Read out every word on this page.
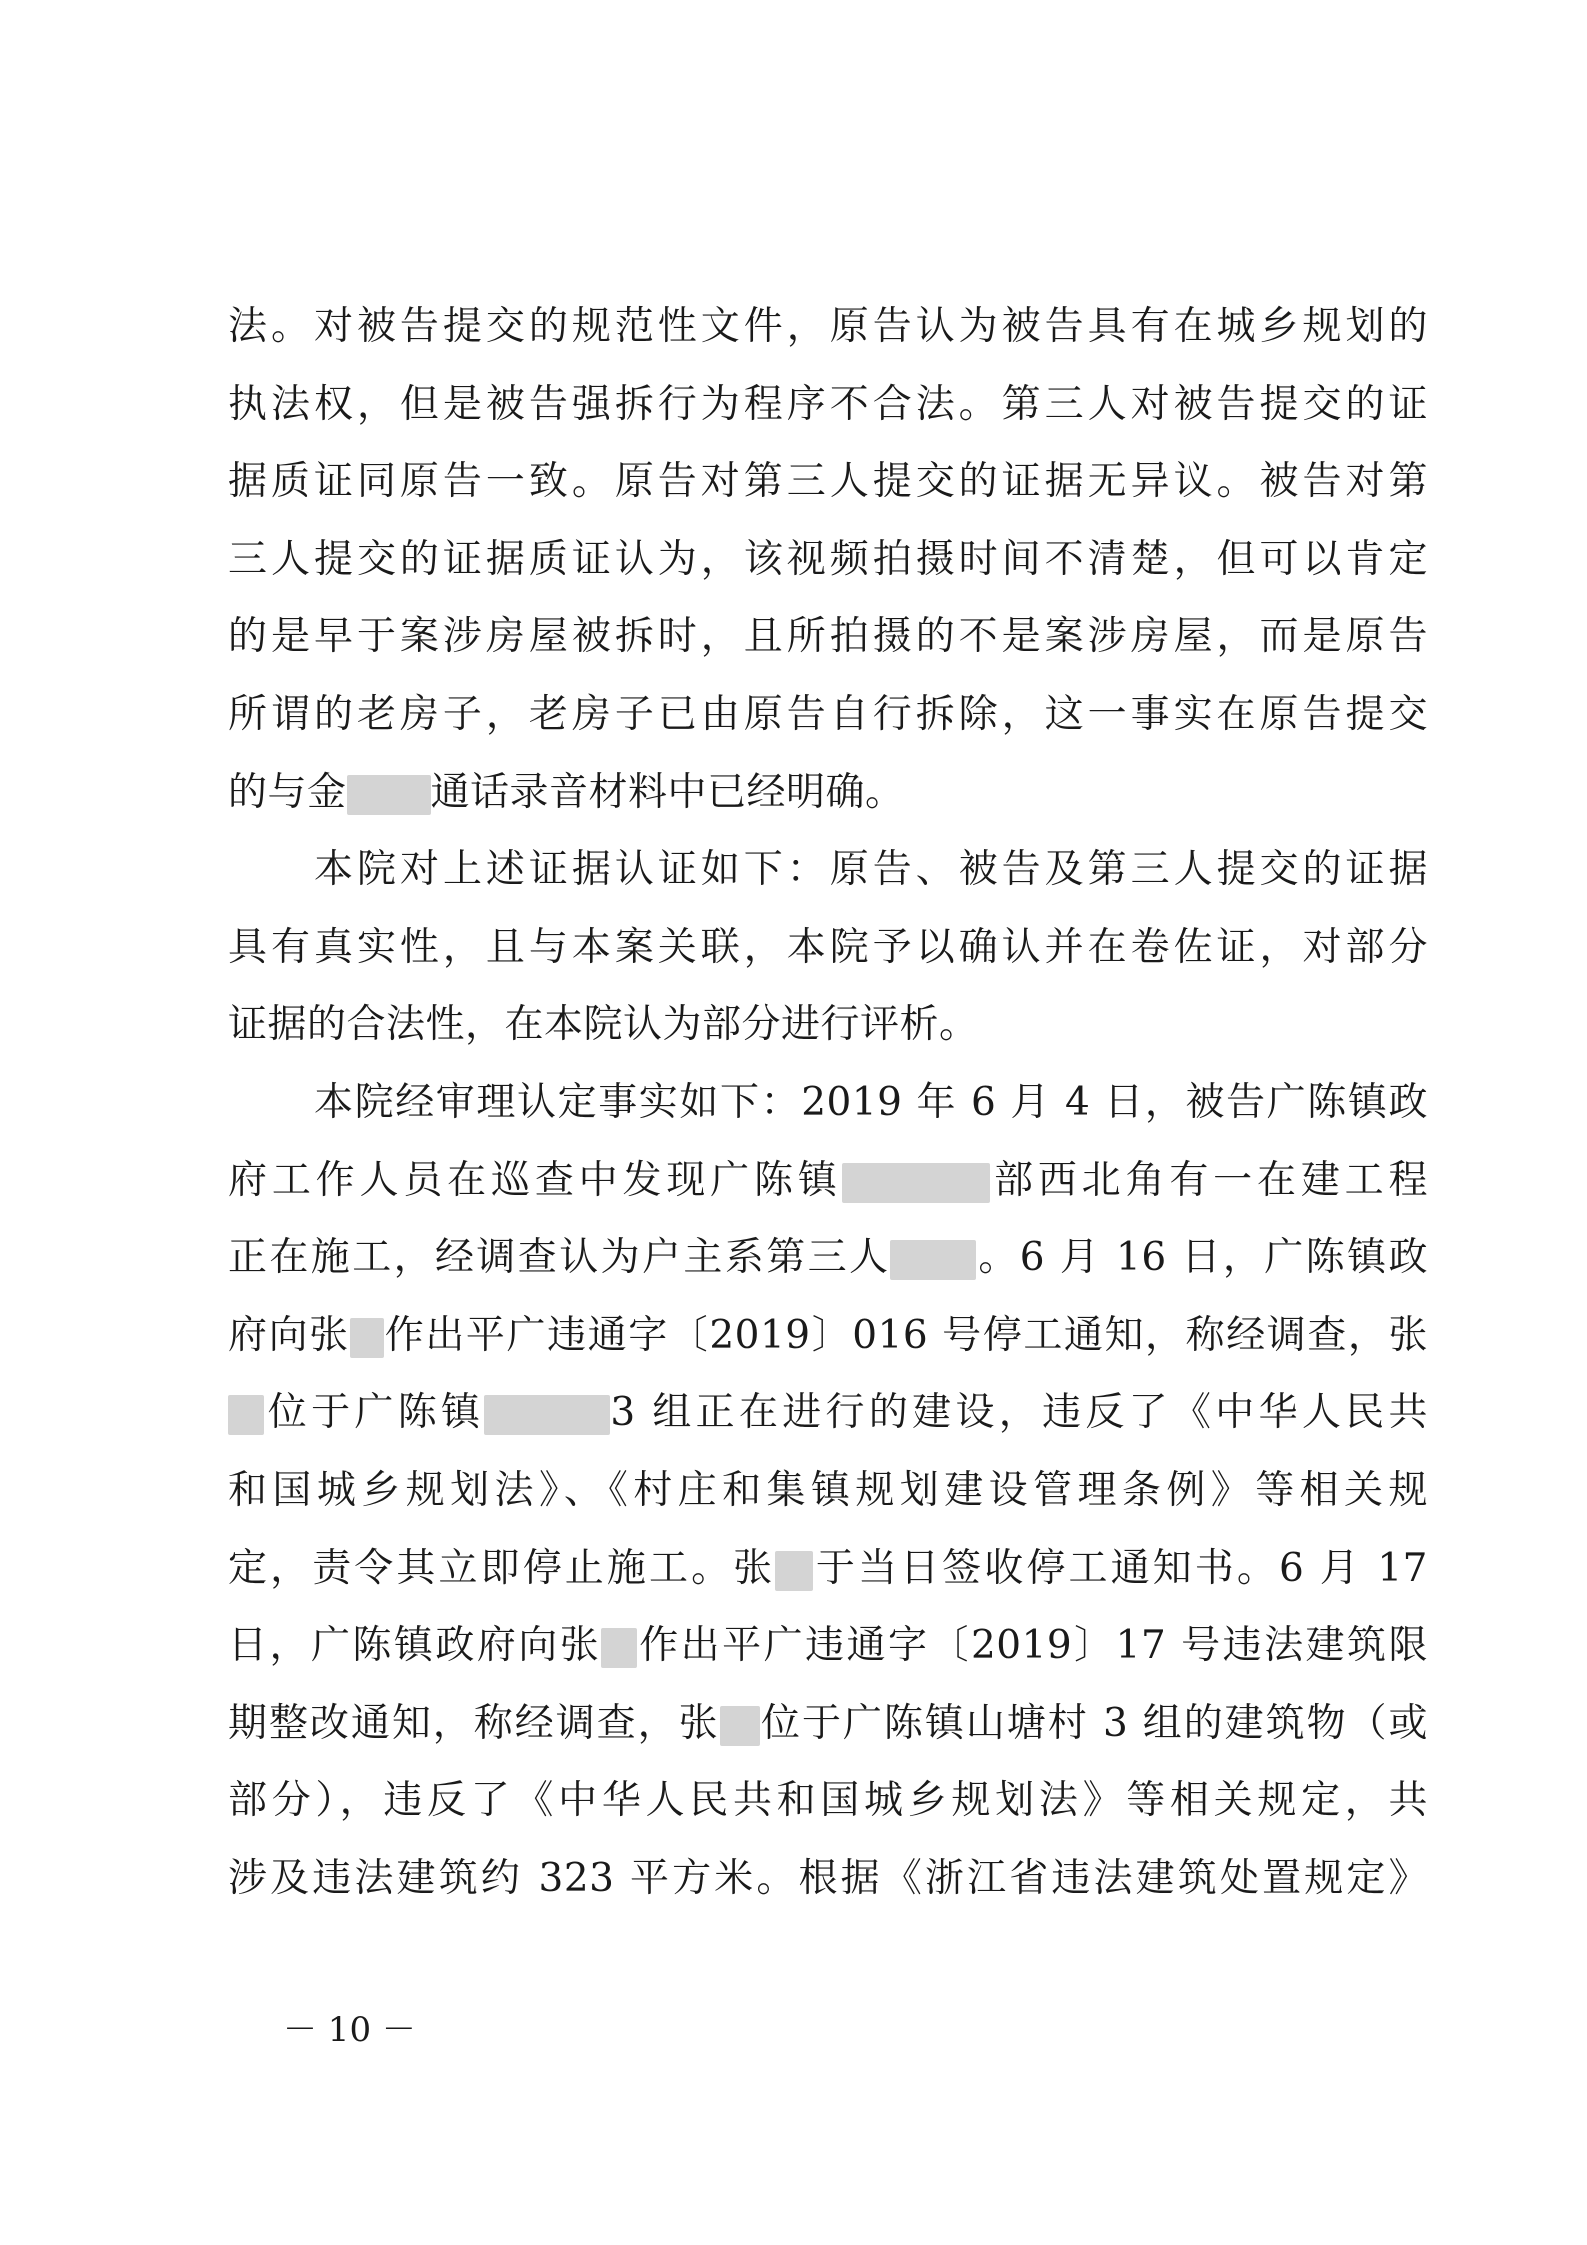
法。对被告提交的规范性文件，原告认为被告具有在城乡规划的
执法权，但是被告强拆行为程序不合法。第三人对被告提交的证
据质证同原告一致。原告对第三人提交的证据无异议。被告对第
三人提交的证据质证认为，该视频拍摄时间不清楚，但可以肯定
的是早于案涉房屋被拆时，且所拍摄的不是案涉房屋，而是原告
所谓的老房子，老房子已由原告自行拆除，这一事实在原告提交
的与金 通话录音材料中已经明确。
本院对上述证据认证如下：原告、被告及第三人提交的证据
具有真实性，且与本案关联，本院予以确认并在卷佐证，对部分
证据的合法性，在本院认为部分进行评析。
本院经审理认定事实如下：2019 年 6 月 4 日，被告广陈镇政
府工作人员在巡查中发现广陈镇	部西北角有一在建工程
正在施工，经调查认为户主系第三人 。6 月 16 日，广陈镇政
府向张 作出平广违通字〔2019〕016 号停工通知，称经调查，张
位于广陈镇	3 组正在进行的建设，违反了《中华人民共
和国城乡规划法》、《村庄和集镇规划建设管理条例》等相关规
定，责令其立即停止施工。张 于当日签收停工通知书。6 月 17
日，广陈镇政府向张 作出平广违通字〔2019〕17 号违法建筑限
期整改通知，称经调查，张 位于广陈镇山塘村 3 组的建筑物（或
部分），违反了《中华人民共和国城乡规划法》等相关规定，共
涉及违法建筑约 323 平方米。根据《浙江省违法建筑处置规定》
－ 10 －
